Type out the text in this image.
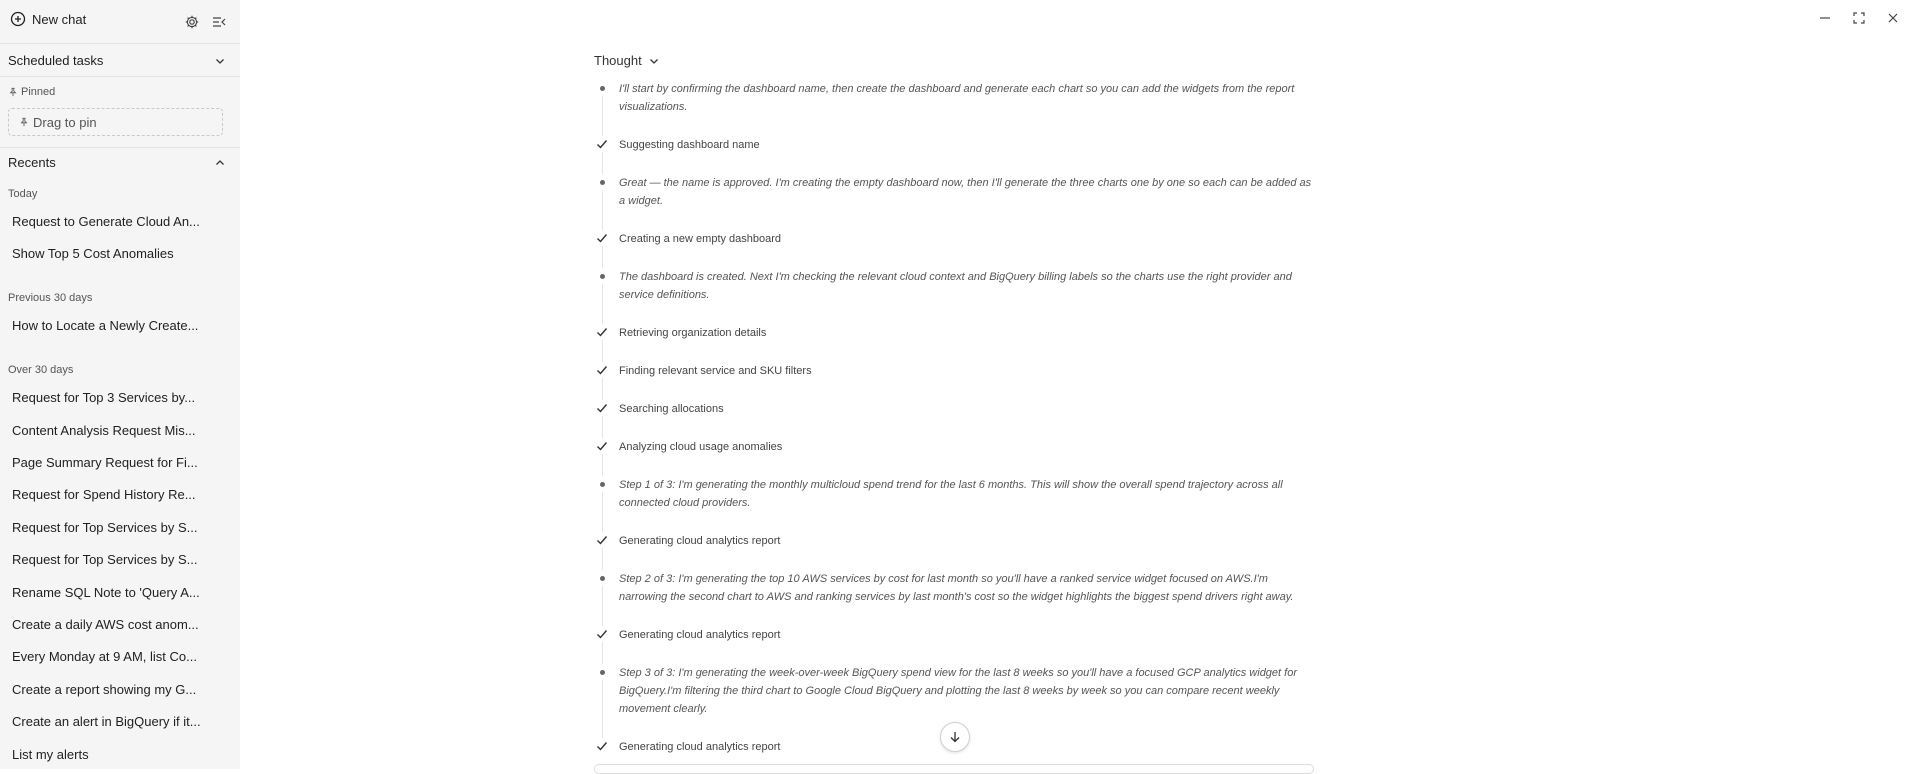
New chat
Scheduled tasks
Pinned
Drag to pin
Recents
Today
Request to Generate Cloud An...
Show Top 5 Cost Anomalies
Previous 30 days
How to Locate a Newly Create...
Over 30 days
Request for Top 3 Services by...
Content Analysis Request Mis...
Page Summary Request for Fi...
Request for Spend History Re...
Request for Top Services by S...
Request for Top Services by S...
Rename SQL Note to 'Query A...
Create a daily AWS cost anom...
Every Monday at 9 AM, list Co...
Create a report showing my G...
Create an alert in BigQuery if it...
List my alerts
Thought
I'll start by confirming the dashboard name, then create the dashboard and generate each chart so you can add the widgets from the report visualizations.
Suggesting dashboard name
Great — the name is approved. I'm creating the empty dashboard now, then I'll generate the three charts one by one so each can be added as a widget.
Creating a new empty dashboard
The dashboard is created. Next I'm checking the relevant cloud context and BigQuery billing labels so the charts use the right provider and service definitions.
Retrieving organization details
Finding relevant service and SKU filters
Searching allocations
Analyzing cloud usage anomalies
Step 1 of 3: I'm generating the monthly multicloud spend trend for the last 6 months. This will show the overall spend trajectory across all connected cloud providers.
Generating cloud analytics report
Step 2 of 3: I'm generating the top 10 AWS services by cost for last month so you'll have a ranked service widget focused on AWS.I'm narrowing the second chart to AWS and ranking services by last month's cost so the widget highlights the biggest spend drivers right away.
Generating cloud analytics report
Step 3 of 3: I'm generating the week-over-week BigQuery spend view for the last 8 weeks so you'll have a focused GCP analytics widget for BigQuery.I'm filtering the third chart to Google Cloud BigQuery and plotting the last 8 weeks by week so you can compare recent weekly movement clearly.
Generating cloud analytics report
